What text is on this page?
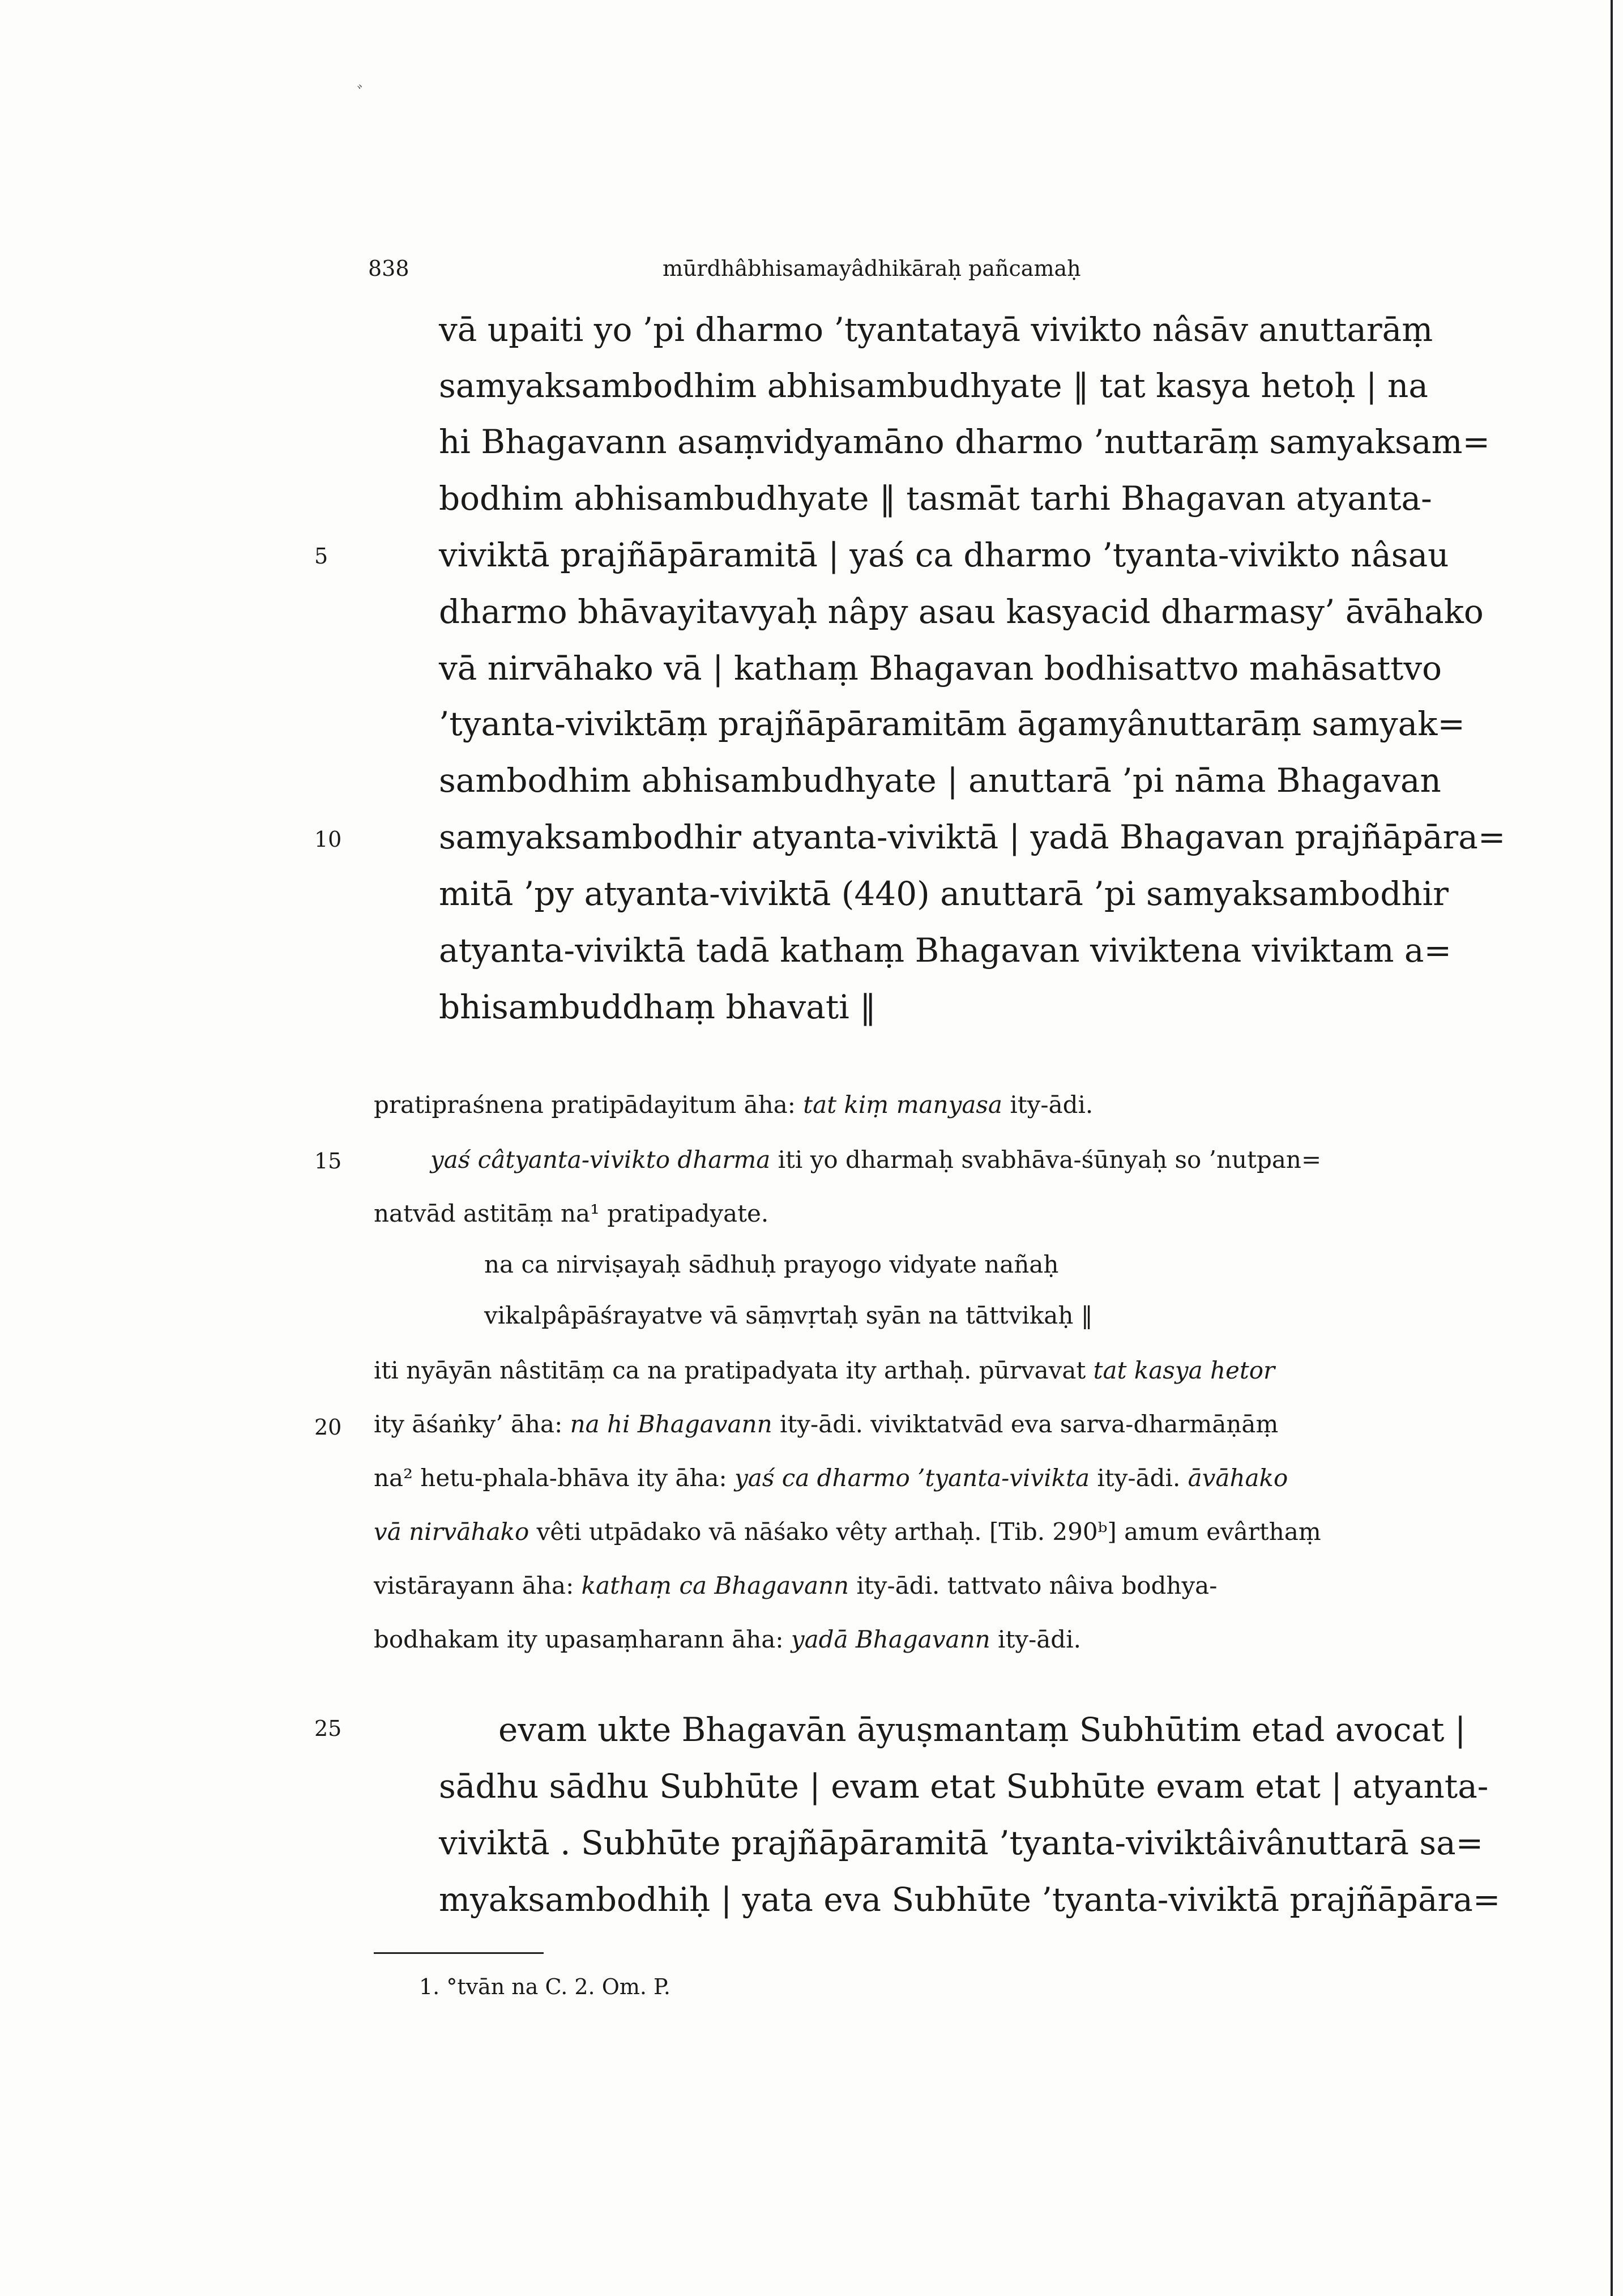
ﾞ
838	mūrdhâbhisamayâdhikāraḥ pañcamaḥ
vā upaiti yo ’pi dharmo ’tyantatayā vivikto nâsāv anuttarāṃ
samyaksambodhim abhisambudhyate ‖ tat kasya hetoḥ | na
hi Bhagavann asaṃvidyamāno dharmo ’nuttarāṃ samyaksam=
bodhim abhisambudhyate ‖ tasmāt tarhi Bhagavan atyanta-
viviktā prajñāpāramitā | yaś ca dharmo ’tyanta-vivikto nâsau
dharmo bhāvayitavyaḥ nâpy asau kasyacid dharmasy’ āvāhako
vā nirvāhako vā | kathaṃ Bhagavan bodhisattvo mahāsattvo
’tyanta-viviktāṃ prajñāpāramitām āgamyânuttarāṃ samyak=
sambodhim abhisambudhyate | anuttarā ’pi nāma Bhagavan
samyaksambodhir atyanta-viviktā | yadā Bhagavan prajñāpāra=
mitā ’py atyanta-viviktā (440) anuttarā ’pi samyaksambodhir
atyanta-viviktā tadā kathaṃ Bhagavan viviktena viviktam a=
bhisambuddhaṃ bhavati ‖
pratipraśnena pratipādayitum āha: tat kiṃ manyasa ity-ādi.
yaś câtyanta-vivikto dharma iti yo dharmaḥ svabhāva-śūnyaḥ so ’nutpan=
natvād astitāṃ na¹ pratipadyate.
na ca nirviṣayaḥ sādhuḥ prayogo vidyate nañaḥ
vikalpâpāśrayatve vā sāṃvṛtaḥ syān na tāttvikaḥ ‖
iti nyāyān nâstitāṃ ca na pratipadyata ity arthaḥ. pūrvavat tat kasya hetor
ity āśaṅky’ āha: na hi Bhagavann ity-ādi. viviktatvād eva sarva-dharmāṇāṃ
na² hetu-phala-bhāva ity āha: yaś ca dharmo ’tyanta-vivikta ity-ādi. āvāhako
vā nirvāhako vêti utpādako vā nāśako vêty arthaḥ. [Tib. 290ᵇ] amum evârthaṃ
vistārayann āha: kathaṃ ca Bhagavann ity-ādi. tattvato nâiva bodhya-
bodhakam ity upasaṃharann āha: yadā Bhagavann ity-ādi.
evam ukte Bhagavān āyuṣmantaṃ Subhūtim etad avocat |
sādhu sādhu Subhūte | evam etat Subhūte evam etat | atyanta-
viviktā . Subhūte prajñāpāramitā ’tyanta-viviktâivânuttarā sa=
myaksambodhiḥ | yata eva Subhūte ’tyanta-viviktā prajñāpāra=
5
10
15
20
25
1. °tvān na C. 2. Om. P.
